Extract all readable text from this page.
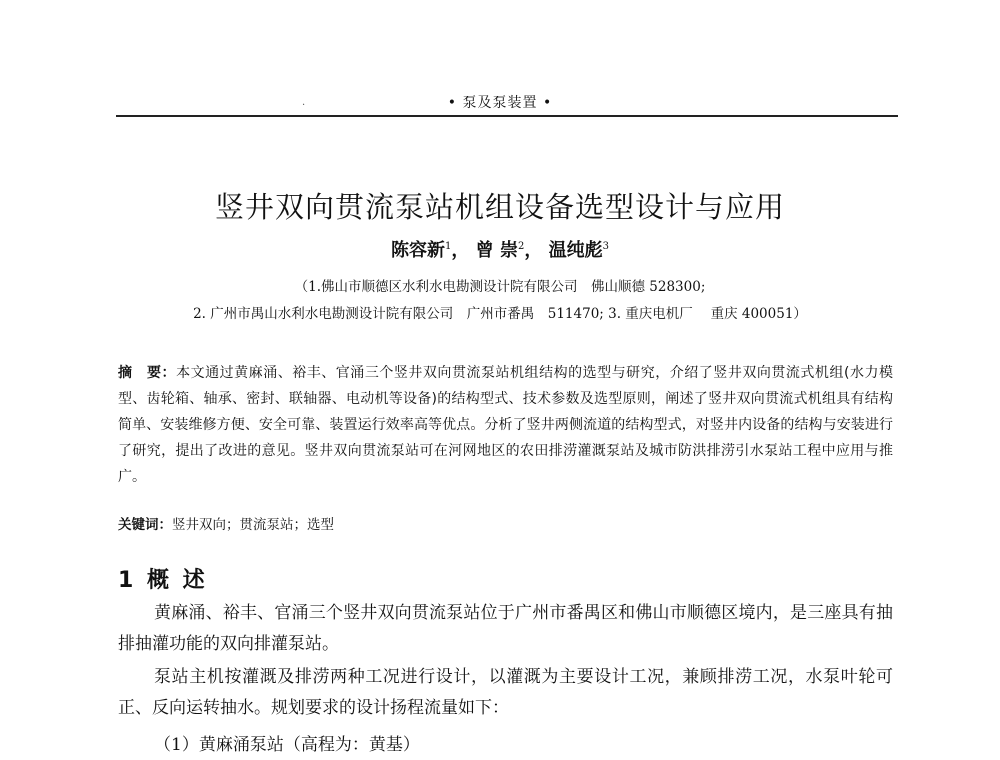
.	• 泵及泵装置 •
竖井双向贯流泵站机组设备选型设计与应用
陈容新$^1$， 曾 崇$^2$， 温纯彪$^3$
（1.佛山市顺德区水利水电勘测设计院有限公司　佛山顺德 528300;
2. 广州市禺山水利水电勘测设计院有限公司　广州市番禺　511470; 3. 重庆电机厂　 重庆 400051）
摘　要：本文通过黄麻涌、裕丰、官涌三个竖井双向贯流泵站机组结构的选型与研究，介绍了竖井双向贯流式机组(水力模型、齿轮箱、轴承、密封、联轴器、电动机等设备)的结构型式、技术参数及选型原则，阐述了竖井双向贯流式机组具有结构简单、安装维修方便、安全可靠、装置运行效率高等优点。分析了竖井两侧流道的结构型式，对竖井内设备的结构与安装进行了研究，提出了改进的意见。竖井双向贯流泵站可在河网地区的农田排涝灌溉泵站及城市防洪排涝引水泵站工程中应用与推广。
关键词：竖井双向；贯流泵站；选型
1 概 述
黄麻涌、裕丰、官涌三个竖井双向贯流泵站位于广州市番禺区和佛山市顺德区境内，是三座具有抽排抽灌功能的双向排灌泵站。
泵站主机按灌溉及排涝两种工况进行设计，以灌溉为主要设计工况，兼顾排涝工况，水泵叶轮可正、反向运转抽水。规划要求的设计扬程流量如下：
（1）黄麻涌泵站（高程为：黄基）
